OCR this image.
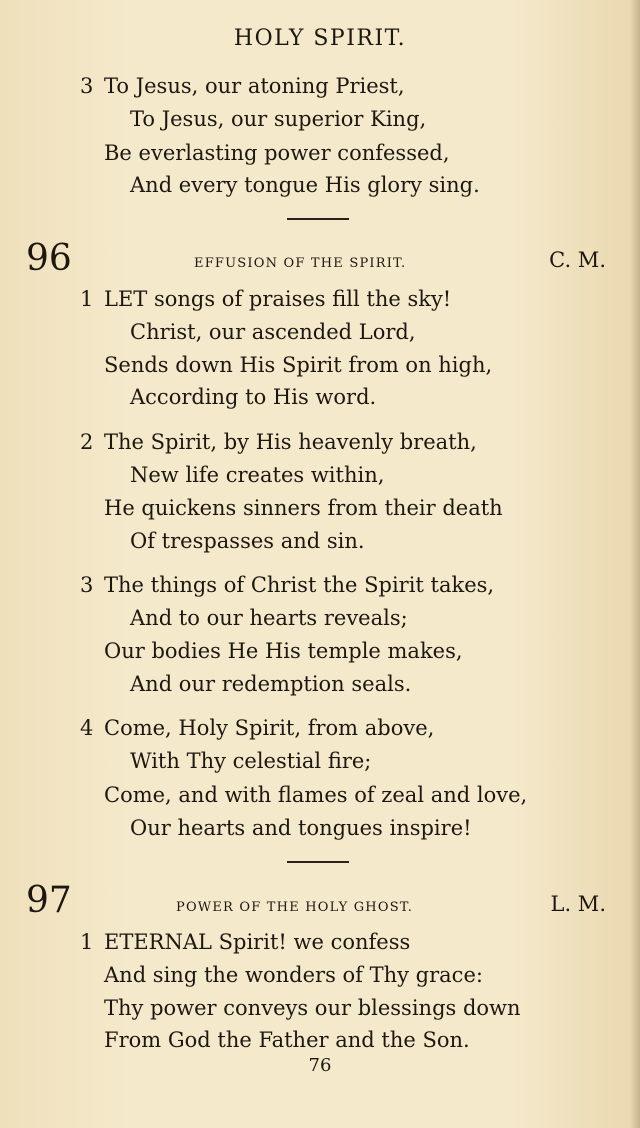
HOLY SPIRIT.
3 To Jesus, our atoning Priest,
To Jesus, our superior King,
Be everlasting power confessed,
And every tongue His glory sing.
96	EFFUSION OF THE SPIRIT.	C. M.
1 LET songs of praises fill the sky!
Christ, our ascended Lord,
Sends down His Spirit from on high,
According to His word.
2 The Spirit, by His heavenly breath,
New life creates within,
He quickens sinners from their death
Of trespasses and sin.
3 The things of Christ the Spirit takes,
And to our hearts reveals;
Our bodies He His temple makes,
And our redemption seals.
4 Come, Holy Spirit, from above,
With Thy celestial fire;
Come, and with flames of zeal and love,
Our hearts and tongues inspire!
97	POWER OF THE HOLY GHOST.	L. M.
1 ETERNAL Spirit! we confess
And sing the wonders of Thy grace:
Thy power conveys our blessings down
From God the Father and the Son.
76
